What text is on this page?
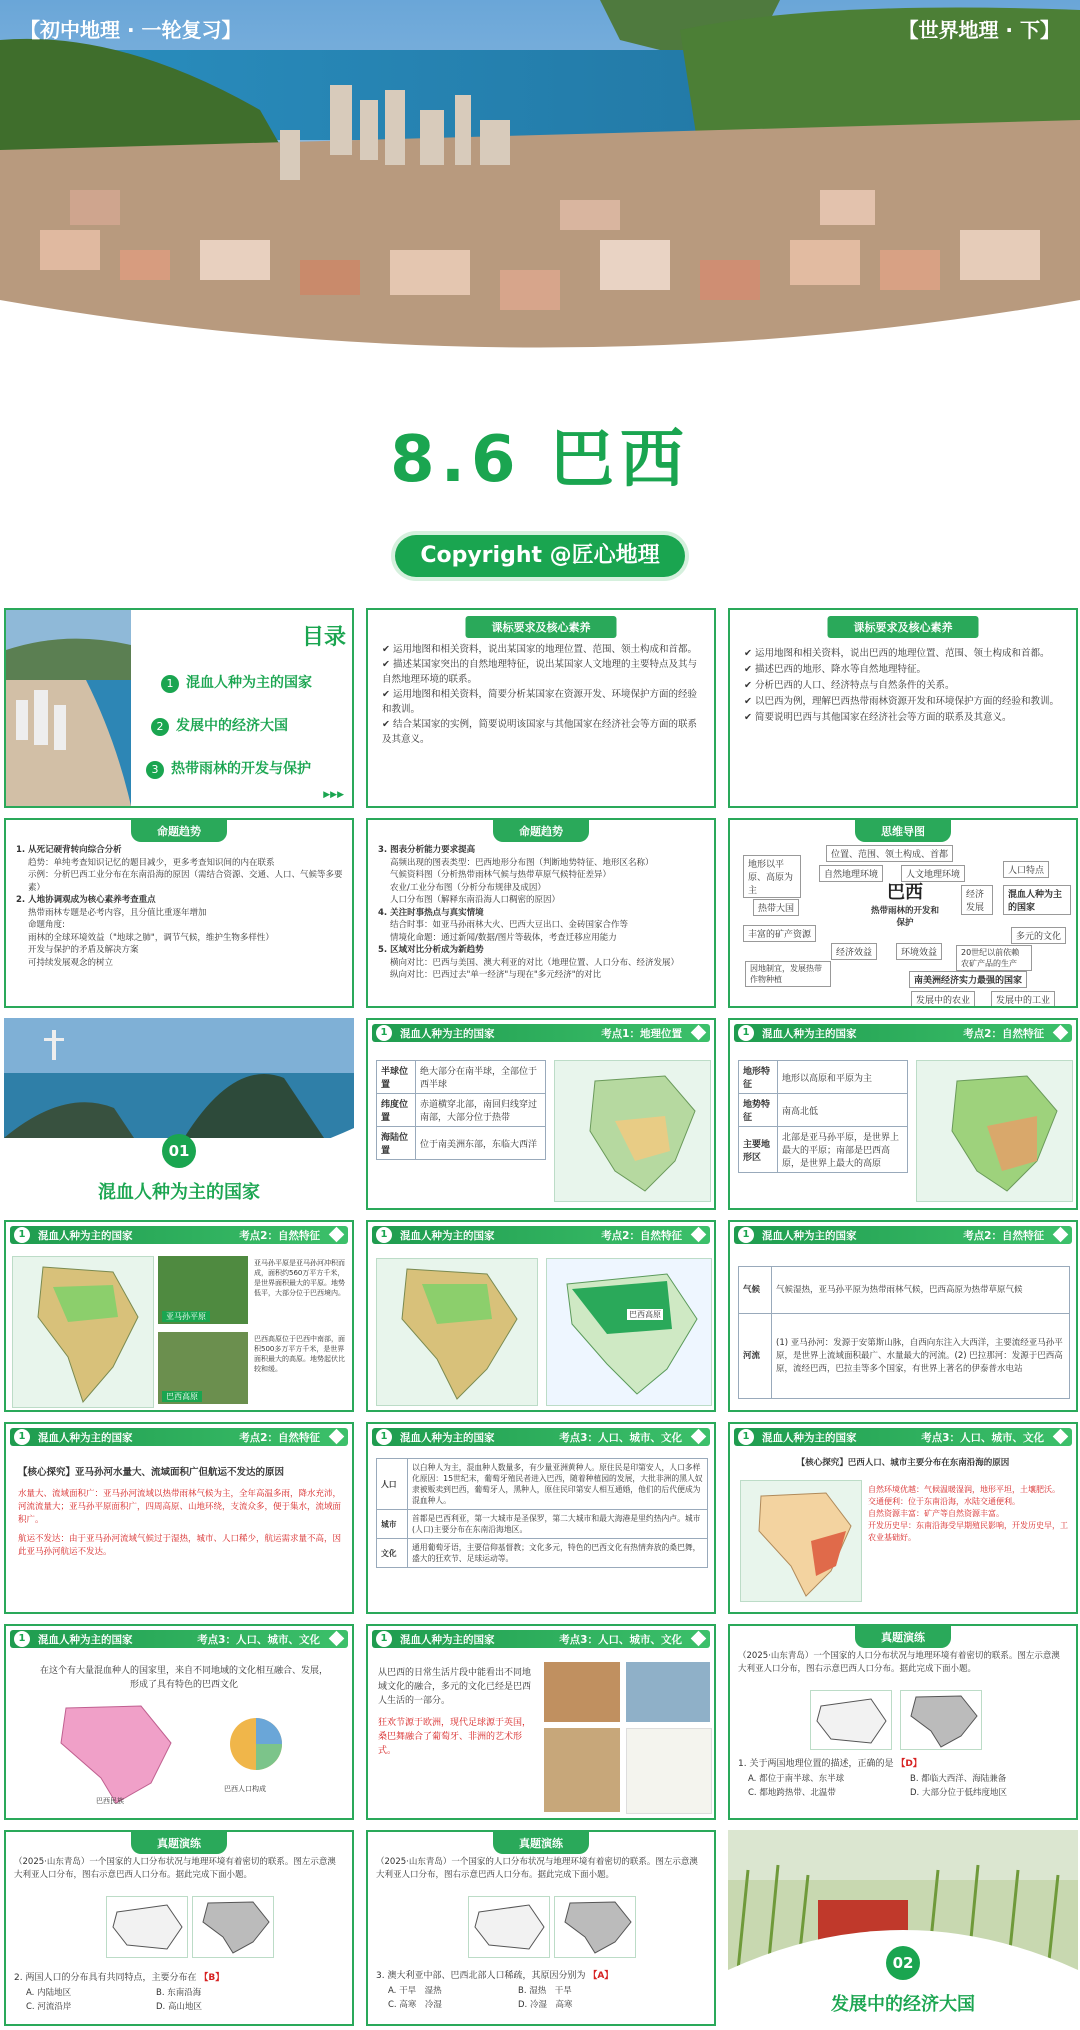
【初中地理 · 一轮复习】	【世界地理 · 下】
8.6 巴西
Copyright @匠心地理
目录
1 混血人种为主的国家
2 发展中的经济大国
3 热带雨林的开发与保护
▶▶▶
课标要求及核心素养
✔ 运用地图和相关资料，说出某国家的地理位置、范围、领土构成和首都。
✔ 描述某国家突出的自然地理特征，说出某国家人文地理的主要特点及其与自然地理环境的联系。
✔ 运用地图和相关资料，简要分析某国家在资源开发、环境保护方面的经验和教训。
✔ 结合某国家的实例，简要说明该国家与其他国家在经济社会等方面的联系及其意义。
课标要求及核心素养
✔ 运用地图和相关资料，说出巴西的地理位置、范围、领土构成和首都。
✔ 描述巴西的地形、降水等自然地理特征。
✔ 分析巴西的人口、经济特点与自然条件的关系。
✔ 以巴西为例，理解巴西热带雨林资源开发和环境保护方面的经验和教训。
✔ 简要说明巴西与其他国家在经济社会等方面的联系及其意义。
命题趋势
1. 从死记硬背转向综合分析
趋势：单纯考查知识记忆的题目减少，更多考查知识间的内在联系
示例：分析巴西工业分布在东南沿海的原因（需结合资源、交通、人口、气候等多要素）
2. 人地协调观成为核心素养考查重点
热带雨林专题是必考内容，且分值比重逐年增加
命题角度:
雨林的全球环境效益（"地球之肺"，调节气候，维护生物多样性）
开发与保护的矛盾及解决方案
可持续发展观念的树立
命题趋势
3. 图表分析能力要求提高
高频出现的图表类型：巴西地形分布图（判断地势特征、地形区名称）
气候资料图（分析热带雨林气候与热带草原气候特征差异）
农业/工业分布图（分析分布规律及成因）
人口分布图（解释东南沿海人口稠密的原因）
4. 关注时事热点与真实情境
结合时事：如亚马孙雨林大火、巴西大豆出口、金砖国家合作等
情境化命题：通过新闻/数据/图片等载体，考查迁移应用能力
5. 区域对比分析成为新趋势
横向对比：巴西与美国、澳大利亚的对比（地理位置、人口分布、经济发展）
纵向对比：巴西过去"单一经济"与现在"多元经济"的对比
思维导图
巴西
热带雨林的开发和保护
地形以平原、高原为主
位置、范围、领土构成、首都
自然地理环境	人文地理环境	人口特点
热带大国
经济发展
混血人种为主的国家
丰富的矿产资源	多元的文化
经济效益	环境效益	20世纪以前依赖农矿产品的生产
因地制宜，发展热带作物种植	南美洲经济实力最强的国家
发展中的农业	发展中的工业
01
混血人种为主的国家
1	混血人种为主的国家	考点1：地理位置
半球位置	绝大部分在南半球，全部位于西半球
纬度位置	赤道横穿北部，南回归线穿过南部，大部分位于热带
海陆位置	位于南美洲东部，东临大西洋
1	混血人种为主的国家	考点2：自然特征
地形特征	地形以高原和平原为主
地势特征	南高北低
主要地形区	北部是亚马孙平原，是世界上最大的平原；南部是巴西高原，是世界上最大的高原
1	混血人种为主的国家	考点2：自然特征
亚马孙平原
巴西高原
亚马孙平原是亚马孙河冲积而成，面积约560万平方千米，是世界面积最大的平原。地势低平，大部分位于巴西境内。
巴西高原位于巴西中南部，面积500多万平方千米，是世界面积最大的高原。地势起伏比较和缓。
1	混血人种为主的国家	考点2：自然特征
巴西高原
1	混血人种为主的国家	考点2：自然特征
气候	气候湿热，亚马孙平原为热带雨林气候，巴西高原为热带草原气候
河流	(1) 亚马孙河：发源于安第斯山脉，自西向东注入大西洋，主要流经亚马孙平原，是世界上流域面积最广、水量最大的河流。(2) 巴拉那河：发源于巴西高原，流经巴西，巴拉圭等多个国家，有世界上著名的伊泰普水电站
1	混血人种为主的国家	考点2：自然特征
【核心探究】亚马孙河水量大、流域面积广但航运不发达的原因
水量大、流域面积广：亚马孙河流域以热带雨林气候为主，全年高温多雨，降水充沛，河流流量大；亚马孙平原面积广，四周高原、山地环绕，支流众多，便于集水，流域面积广。
航运不发达：由于亚马孙河流域气候过于湿热，城市、人口稀少，航运需求量不高，因此亚马孙河航运不发达。
1	混血人种为主的国家	考点3：人口、城市、文化
人口	以白种人为主，混血种人数量多，有少量亚洲黄种人。原住民是印第安人，人口多样化原因：15世纪末，葡萄牙殖民者进入巴西，随着种植园的发展，大批非洲的黑人奴隶被贩卖到巴西，葡萄牙人，黑种人，原住民印第安人相互通婚，他们的后代便成为混血种人。
城市	首都是巴西利亚，第一大城市是圣保罗，第二大城市和最大海港是里约热内卢。城市(人口)主要分布在东南沿海地区。
文化	通用葡萄牙语，主要信仰基督教；文化多元，特色的巴西文化有热情奔放的桑巴舞，盛大的狂欢节、足球运动等。
1	混血人种为主的国家	考点3：人口、城市、文化
【核心探究】巴西人口、城市主要分布在东南沿海的原因
自然环境优越：气候温暖湿润，地形平坦，土壤肥沃。
交通便利：位于东南沿海，水陆交通便利。
自然资源丰富：矿产等自然资源丰富。
开发历史早：东南沿海受早期殖民影响，开发历史早，工农业基础好。
1	混血人种为主的国家	考点3：人口、城市、文化
在这个有大量混血种人的国家里，来自不同地域的文化相互融合、发展，形成了具有特色的巴西文化
巴西民族
巴西人口构成
1	混血人种为主的国家	考点3：人口、城市、文化
从巴西的日常生活片段中能看出不同地域文化的融合，多元的文化已经是巴西人生活的一部分。
狂欢节源于欧洲，现代足球源于英国，桑巴舞融合了葡萄牙、非洲的艺术形式。
真题演练
（2025·山东青岛）一个国家的人口分布状况与地理环境有着密切的联系。图左示意澳大利亚人口分布，图右示意巴西人口分布。据此完成下面小题。
1. 关于两国地理位置的描述，正确的是 【D】
A. 都位于南半球、东半球
C. 都地跨热带、北温带
B. 都临大西洋、海陆兼备
D. 大部分位于低纬度地区
真题演练
（2025·山东青岛）一个国家的人口分布状况与地理环境有着密切的联系。图左示意澳大利亚人口分布，图右示意巴西人口分布。据此完成下面小题。
2. 两国人口的分布具有共同特点，主要分布在 【B】
A. 内陆地区
C. 河流沿岸
B. 东南沿海
D. 高山地区
真题演练
（2025·山东青岛）一个国家的人口分布状况与地理环境有着密切的联系。图左示意澳大利亚人口分布，图右示意巴西人口分布。据此完成下面小题。
3. 澳大利亚中部、巴西北部人口稀疏，其原因分别为 【A】
A. 干旱　湿热
C. 高寒　冷湿
B. 湿热　干旱
D. 冷湿　高寒
02
发展中的经济大国
